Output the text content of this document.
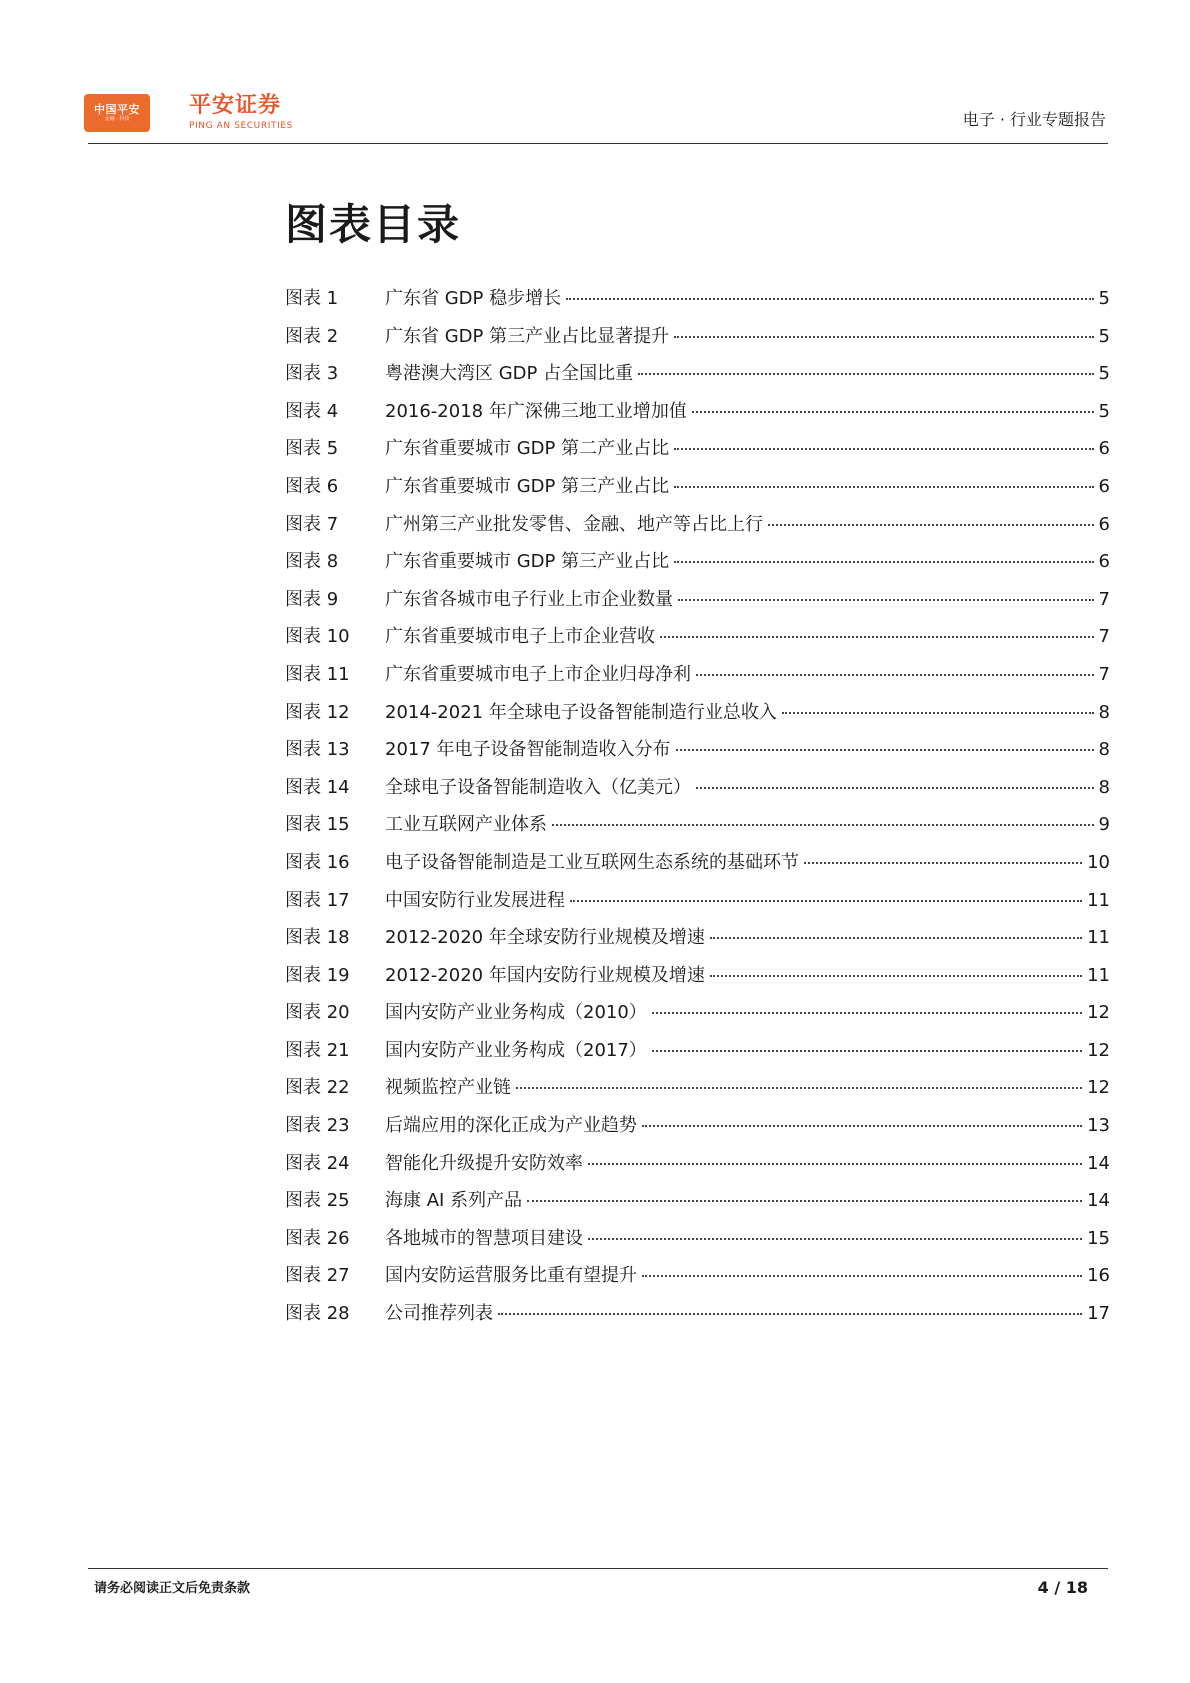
中国平安
金融 · 科技
平安证券
PING AN SECURITIES	电子 · 行业专题报告
图表目录
图表 1	广东省 GDP 稳步增长	5
图表 2	广东省 GDP 第三产业占比显著提升	5
图表 3	粤港澳大湾区 GDP 占全国比重	5
图表 4	2016-2018 年广深佛三地工业增加值	5
图表 5	广东省重要城市 GDP 第二产业占比	6
图表 6	广东省重要城市 GDP 第三产业占比	6
图表 7	广州第三产业批发零售、金融、地产等占比上行	6
图表 8	广东省重要城市 GDP 第三产业占比	6
图表 9	广东省各城市电子行业上市企业数量	7
图表 10	广东省重要城市电子上市企业营收	7
图表 11	广东省重要城市电子上市企业归母净利	7
图表 12	2014-2021 年全球电子设备智能制造行业总收入	8
图表 13	2017 年电子设备智能制造收入分布	8
图表 14	全球电子设备智能制造收入（亿美元）	8
图表 15	工业互联网产业体系	9
图表 16	电子设备智能制造是工业互联网生态系统的基础环节	10
图表 17	中国安防行业发展进程	11
图表 18	2012-2020 年全球安防行业规模及增速	11
图表 19	2012-2020 年国内安防行业规模及增速	11
图表 20	国内安防产业业务构成（2010）	12
图表 21	国内安防产业业务构成（2017）	12
图表 22	视频监控产业链	12
图表 23	后端应用的深化正成为产业趋势	13
图表 24	智能化升级提升安防效率	14
图表 25	海康 AI 系列产品	14
图表 26	各地城市的智慧项目建设	15
图表 27	国内安防运营服务比重有望提升	16
图表 28	公司推荐列表	17
请务必阅读正文后免责条款	4 / 18
